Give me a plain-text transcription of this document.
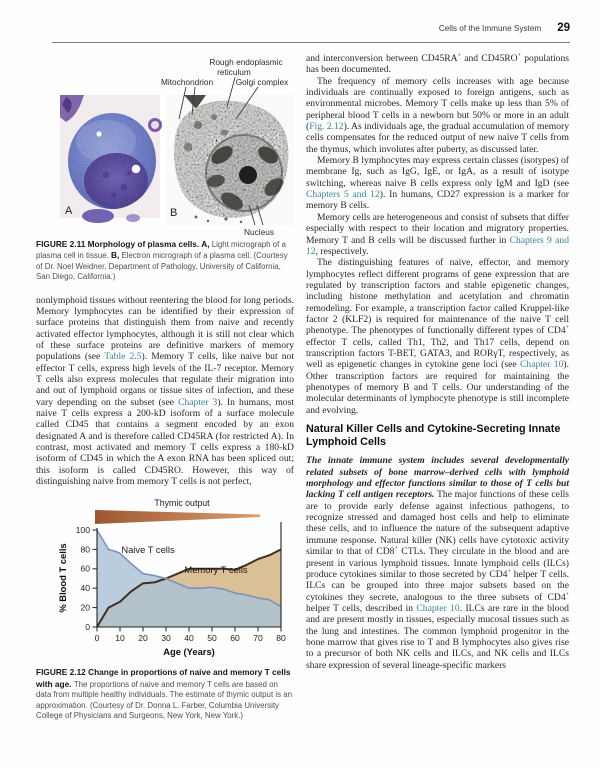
Cells of the Immune System 29
A	B
Rough endoplasmic
reticulum
Mitochondrion	Golgi complex
Nucleus
FIGURE 2.11 Morphology of plasma cells. A, Light micrograph of a plasma cell in tissue. B, Electron micrograph of a plasma cell. (Courtesy of Dr. Noel Weidner, Department of Pathology, University of California, San Diego, California.)

nonlymphoid tissues without reentering the blood for long periods. Memory lymphocytes can be identified by their expression of surface proteins that distinguish them from naive and recently activated effector lymphocytes, although it is still not clear which of these surface proteins are definitive markers of memory populations (see Table 2.5). Memory T cells, like naive but not effector T cells, express high levels of the IL-7 receptor. Memory T cells also express molecules that regulate their migration into and out of lymphoid organs or tissue sites of infection, and these vary depending on the subset (see Chapter 3). In humans, most naive T cells express a 200-kD isoform of a surface molecule called CD45 that contains a segment encoded by an exon designated A and is therefore called CD45RA (for restricted A). In contrast, most activated and memory T cells express a 180-kD isoform of CD45 in which the A exon RNA has been spliced out; this isoform is called CD45RO. However, this way of distinguishing naive from memory T cells is not perfect,

Thymic output
0
20
40
60
80
100
0 10 20 30 40 50 60 70 80
Naive T cells
Memory T cells
% Blood T cells
Age (Years)
FIGURE 2.12 Change in proportions of naive and memory T cells with age. The proportions of naive and memory T cells are based on data from multiple healthy individuals. The estimate of thymic output is an approximation. (Courtesy of Dr. Donna L. Farber, Columbia University College of Physicians and Surgeons, New York, New York.)

and interconversion between CD45RA+ and CD45RO+ populations has been documented.

The frequency of memory cells increases with age because individuals are continually exposed to foreign antigens, such as environmental microbes. Memory T cells make up less than 5% of peripheral blood T cells in a newborn but 50% or more in an adult (Fig. 2.12). As individuals age, the gradual accumulation of memory cells compensates for the reduced output of new naïve T cells from the thymus, which involutes after puberty, as discussed later.

Memory B lymphocytes may express certain classes (isotypes) of membrane Ig, such as IgG, IgE, or IgA, as a result of isotype switching, whereas naive B cells express only IgM and IgD (see Chapters 5 and 12). In humans, CD27 expression is a marker for memory B cells.

Memory cells are heterogeneous and consist of subsets that differ especially with respect to their location and migratory properties. Memory T and B cells will be discussed further in Chapters 9 and 12, respectively.

The distinguishing features of naive, effector, and memory lymphocytes reflect different programs of gene expression that are regulated by transcription factors and stable epigenetic changes, including histone methylation and acetylation and chromatin remodeling. For example, a transcription factor called Kruppel-like factor 2 (KLF2) is required for maintenance of the naive T cell phenotype. The phenotypes of functionally different types of CD4+ effector T cells, called Th1, Th2, and Th17 cells, depend on transcription factors T-BET, GATA3, and RORγT, respectively, as well as epigenetic changes in cytokine gene loci (see Chapter 10). Other transcription factors are required for maintaining the phenotypes of memory B and T cells. Our understanding of the molecular determinants of lymphocyte phenotype is still incomplete and evolving.

Natural Killer Cells and Cytokine-Secreting Innate Lymphoid Cells

The innate immune system includes several developmentally related subsets of bone marrow–derived cells with lymphoid morphology and effector functions similar to those of T cells but lacking T cell antigen receptors. The major functions of these cells are to provide early defense against infectious pathogens, to recognize stressed and damaged host cells and help to eliminate these cells, and to influence the nature of the subsequent adaptive immune response. Natural killer (NK) cells have cytotoxic activity similar to that of CD8+ CTLs. They circulate in the blood and are present in various lymphoid tissues. Innate lymphoid cells (ILCs) produce cytokines similar to those secreted by CD4+ helper T cells. ILCs can be grouped into three major subsets based on the cytokines they secrete, analogous to the three subsets of CD4+ helper T cells, described in Chapter 10. ILCs are rare in the blood and are present mostly in tissues, especially mucosal tissues such as the lung and intestines. The common lymphoid progenitor in the bone marrow that gives rise to T and B lymphocytes also gives rise to a precursor of both NK cells and ILCs, and NK cells and ILCs share expression of several lineage-specific markers
